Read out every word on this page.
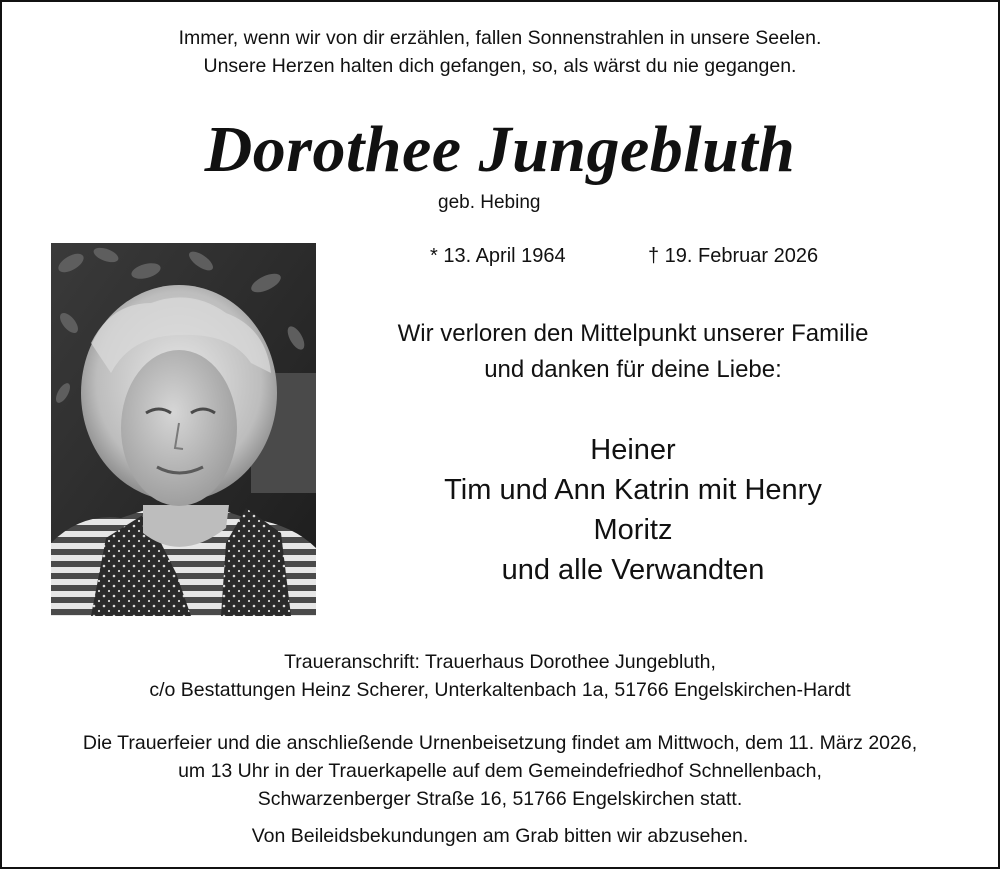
Immer, wenn wir von dir erzählen, fallen Sonnenstrahlen in unsere Seelen.
Unsere Herzen halten dich gefangen, so, als wärst du nie gegangen.
Dorothee Jungebluth
geb. Hebing
* 13. April 1964	† 19. Februar 2026
Wir verloren den Mittelpunkt unserer Familie
und danken für deine Liebe:
Heiner
Tim und Ann Katrin mit Henry
Moritz
und alle Verwandten
Traueranschrift: Trauerhaus Dorothee Jungebluth,
c/o Bestattungen Heinz Scherer, Unterkaltenbach 1a, 51766 Engelskirchen-Hardt
Die Trauerfeier und die anschließende Urnenbeisetzung findet am Mittwoch, dem 11. März 2026,
um 13 Uhr in der Trauerkapelle auf dem Gemeindefriedhof Schnellenbach,
Schwarzenberger Straße 16, 51766 Engelskirchen statt.
Von Beileidsbekundungen am Grab bitten wir abzusehen.
